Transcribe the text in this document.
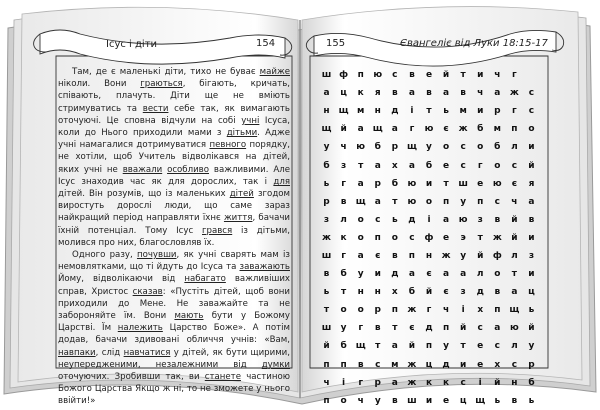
Ісус і діти	154	155	Євангеліє від Луки 18:15-17

Там, де є маленькі діти, тихо не буває майже ніколи. Вони граються, бігають, кричать, співають, плачуть. Діти ще не вміють стримуватись та вести себе так, як вимагають оточуючі. Це сповна відчули на собі учні Ісуса, коли до Нього приходили мами з дітьми. Адже учні намагалися дотримуватися певного порядку, не хотіли, щоб Учитель відволікався на дітей, яких учні не вважали особливо важливими. Але Ісус знаходив час як для дорослих, так і для дітей. Він розумів, що із маленьких дітей згодом виростуть дорослі люди, що саме зараз найкращий період направляти їхнє життя, бачачи їхній потенціал. Тому Ісус грався із дітьми, молився про них, благословляв їх.

Одного разу, почувши, як учні сварять мам із немовлятками, що ті йдуть до Ісуса та заважають Йому, відволікаючи від набагато важливіших справ, Христос сказав: «Пустіть дітей, щоб вони приходили до Мене. Не заважайте та не забороняйте їм. Вони мають бути у Божому Царстві. Їм належить Царство Боже». А потім додав, бачачи здивовані обличчя учнів: «Вам, навпаки, слід навчатися у дітей, як бути щирими, неупередженими, незалежними від думки оточуючих. Зробивши так, ви станете частиною Божого Царства Якщо ж ні, то не зможете у нього ввійти!»

ш ф	п	ю	с	в	е	й	т	и	ч	г
а	ц	к	я	в	а	в	а	в	ч	а	ж	с
н щ м	н	д	і	т	ь	м	и	р	г	с
щ й	а	щ	а	г	ю	є	ж	б	м	п	о
у	ч	ю	б	р щ	у	о	с	о	б	л	и
б	з	т	а	х	а	б	е	с	г	о	с	й
ь	г	а	р	б	ю	и	т	ш	е	ю	є	я
р	в	щ	а	т	ю	о	п	у	п	с	ч	а
з	л	о	с	ь	д	і	а	ю	з	в	й	в
ж	к	о	п	о	с	ф	е	э	т	ж	й	и
ш	г	а	є	в	п	н	ж	у	й	ф	л	з
в	б	у	и	д	а	є	а	а	л	о	т	и
ь	т	н	н	х	б	й	є	з	д	в	а	ц
т	о	о	р	п	ж	г	ч	і	х	п	щ	ь
ш	у	г	в	т	є	д	п	й	с	а	ю	й
й	б щ	т	а	й	п	у	т	е	с	л	у
п	п	в	с	м ж	ц	д	и	е	х	с	р
ч	і	г	р	а	ж	к	к	с	і	й	н	б
п	о	ч	у	в	ш	и	е	ц щ	ь	в	ь
